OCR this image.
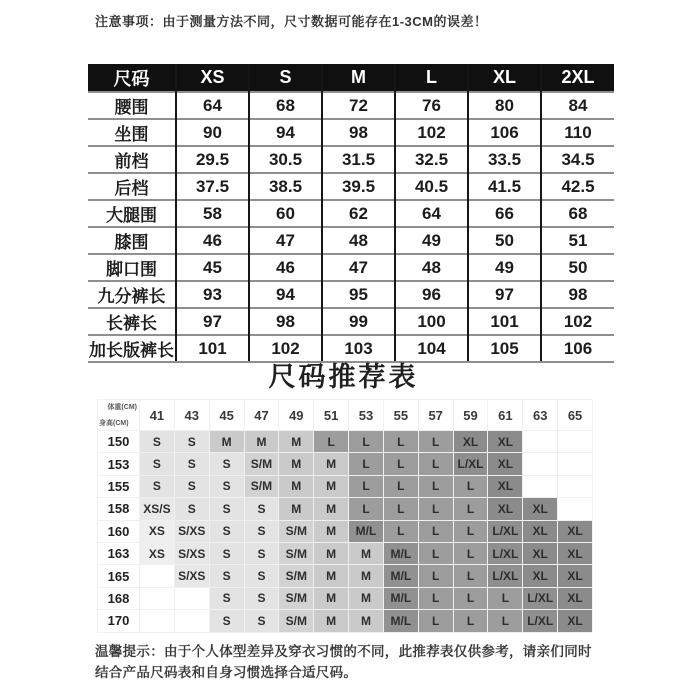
注意事项：由于测量方法不同，尺寸数据可能存在1-3CM的误差！
尺码	XS	S	M	L	XL	2XL
腰围	64	68	72	76	80	84
坐围	90	94	98	102	106	110
前档	29.5	30.5	31.5	32.5	33.5	34.5
后档	37.5	38.5	39.5	40.5	41.5	42.5
大腿围	58	60	62	64	66	68
膝围	46	47	48	49	50	51
脚口围	45	46	47	48	49	50
九分裤长	93	94	95	96	97	98
长裤长	97	98	99	100	101	102
加长版裤长	101	102	103	104	105	106
尺码推荐表
体重(CM)
身高(CM)	41	43	45	47	49	51	53	55	57	59	61	63	65
150	S	S	M	M	M	L	L	L	L	XL	XL		
153	S	S	S	S/M	M	M	L	L	L	L/XL	XL		
155	S	S	S	S/M	M	M	L	L	L	L	XL		
158	XS/S	S	S	S	M	M	L	L	L	L	XL	XL	
160	XS	S/XS	S	S	S/M	M	M/L	L	L	L	L/XL	XL	XL
163	XS	S/XS	S	S	S/M	M	M	M/L	L	L	L/XL	XL	XL
165		S/XS	S	S	S/M	M	M	M/L	L	L	L/XL	XL	XL
168			S	S	S/M	M	M	M/L	L	L	L	L/XL	XL
170			S	S	S/M	M	M	M/L	L	L	L	L/XL	XL
温馨提示：由于个人体型差异及穿衣习惯的不同，此推荐表仅供参考，请亲们同时结合产品尺码表和自身习惯选择合适尺码。
